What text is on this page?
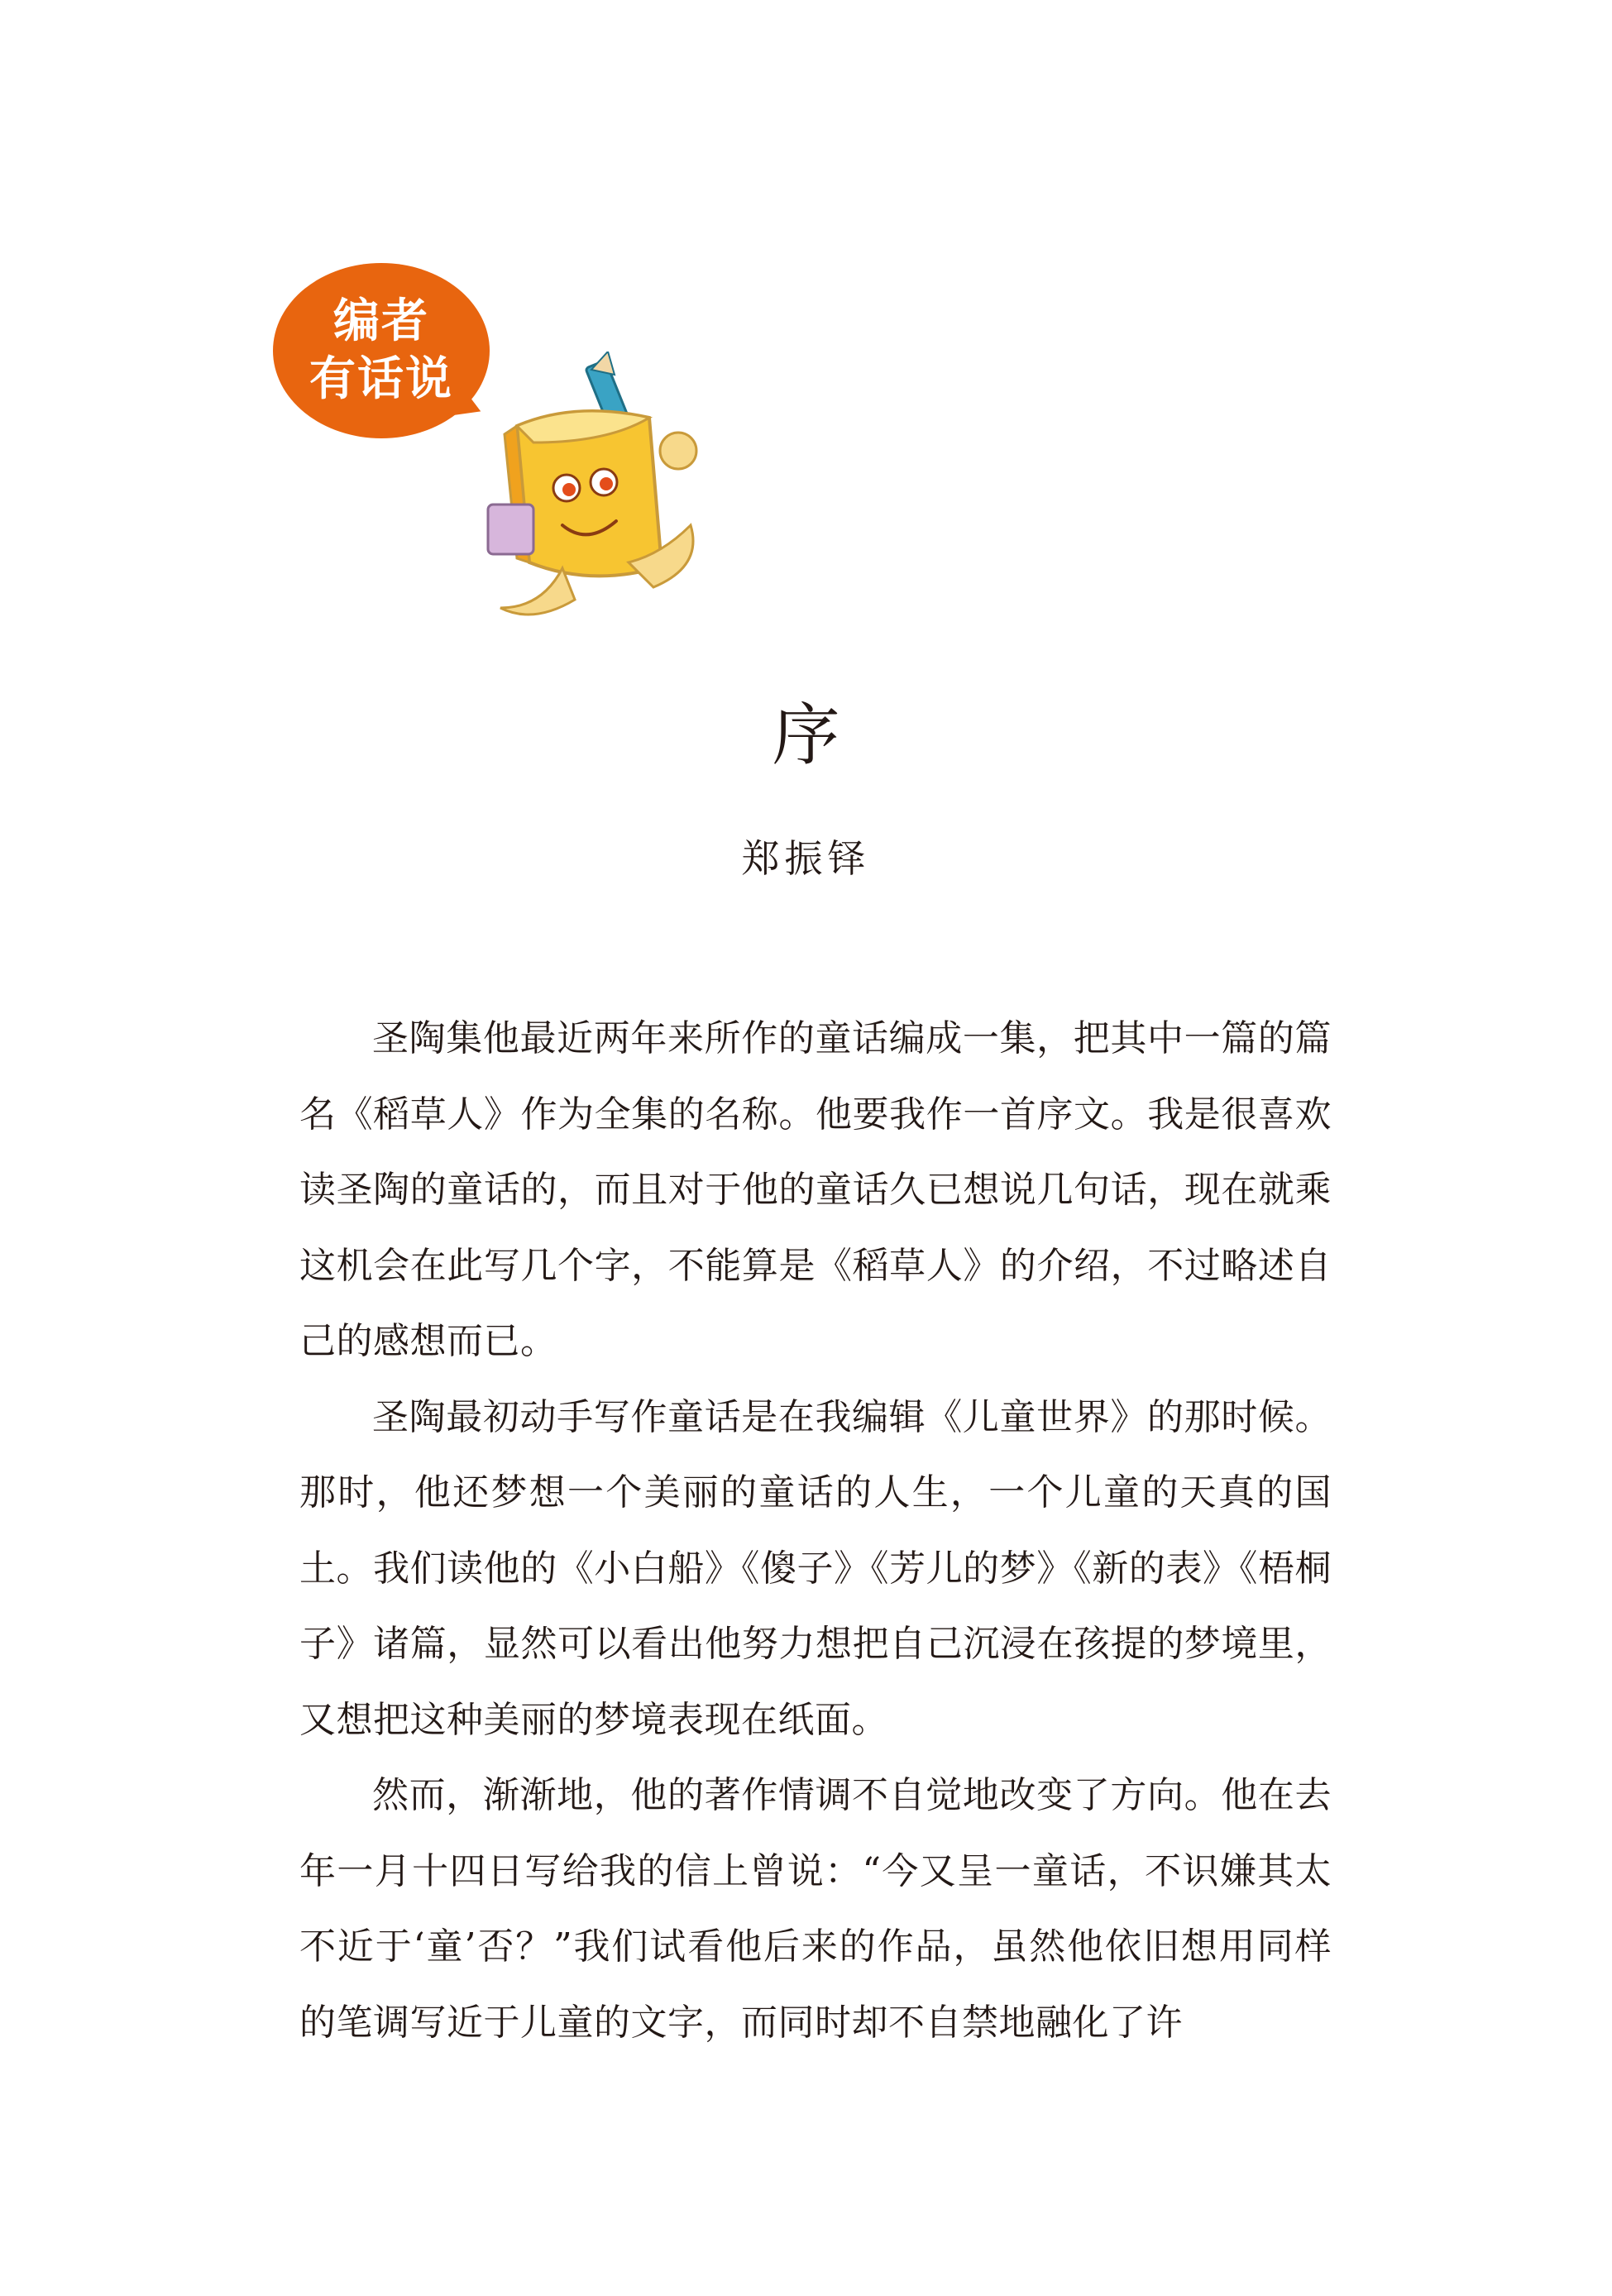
编者
有话说
序
郑振铎

圣陶集他最近两年来所作的童话编成一集，把其中一篇的篇名《稻草人》作为全集的名称。他要我作一首序文。我是很喜欢读圣陶的童话的，而且对于他的童话久已想说几句话，现在就乘这机会在此写几个字，不能算是《稻草人》的介绍，不过略述自己的感想而已。

圣陶最初动手写作童话是在我编辑《儿童世界》的那时候。那时，他还梦想一个美丽的童话的人生，一个儿童的天真的国土。我们读他的《小白船》《傻子》《芳儿的梦》《新的表》《梧桐子》诸篇，显然可以看出他努力想把自己沉浸在孩提的梦境里，又想把这种美丽的梦境表现在纸面。

然而，渐渐地，他的著作情调不自觉地改变了方向。他在去年一月十四日写给我的信上曾说：“今又呈一童话，不识嫌其太不近于‘童’否？”我们试看他后来的作品，虽然他依旧想用同样的笔调写近于儿童的文字，而同时却不自禁地融化了许
